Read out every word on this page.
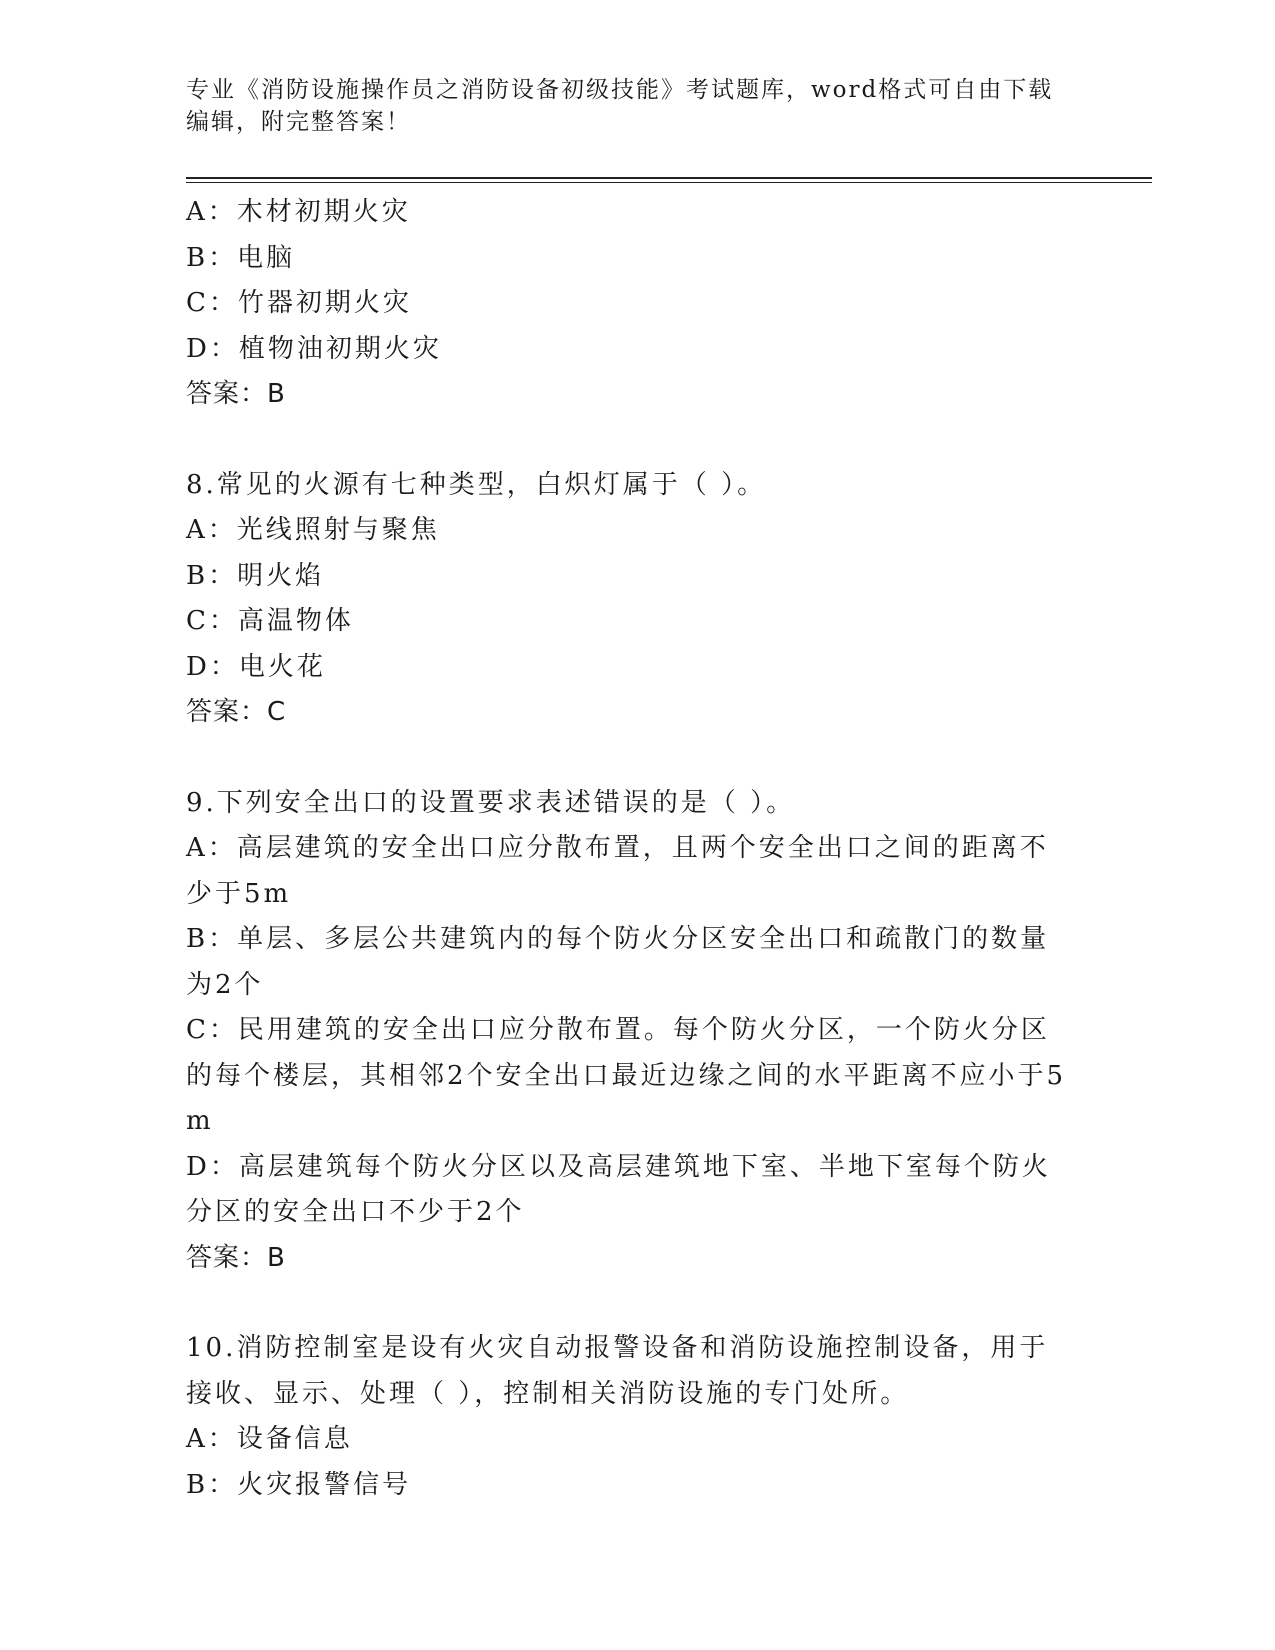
专业《消防设施操作员之消防设备初级技能》考试题库，word格式可自由下载编辑，附完整答案！
A：木材初期火灾
B：电脑
C：竹器初期火灾
D：植物油初期火灾
答案：B
8.常见的火源有七种类型，白炽灯属于（ ）。
A：光线照射与聚焦
B：明火焰
C：高温物体
D：电火花
答案：C
9.下列安全出口的设置要求表述错误的是（ ）。
A：高层建筑的安全出口应分散布置，且两个安全出口之间的距离不少于5m
B：单层、多层公共建筑内的每个防火分区安全出口和疏散门的数量为2个
C：民用建筑的安全出口应分散布置。每个防火分区，一个防火分区的每个楼层，其相邻2个安全出口最近边缘之间的水平距离不应小于5m
D：高层建筑每个防火分区以及高层建筑地下室、半地下室每个防火分区的安全出口不少于2个
答案：B
10.消防控制室是设有火灾自动报警设备和消防设施控制设备，用于接收、显示、处理（ ），控制相关消防设施的专门处所。
A：设备信息
B：火灾报警信号
